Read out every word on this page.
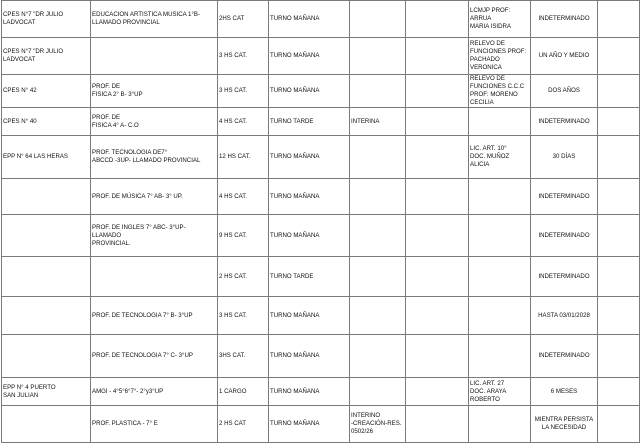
CPES N°7 "DR JULIO LADVOCAT	EDUCACION ARTISTICA MUSICA 1°B-
LLAMADO PROVINCIAL	2HS CAT	TURNO MAÑANA			LCMJP PROF: ARRUA
MARIA ISIDRA	INDETERMINADO	
CPES N°7 "DR JULIO LADVOCAT		3 HS CAT.	TURNO MAÑANA			RELEVO DE
FUNCIONES PROF:
PACHADO VERONICA	UN AÑO Y MEDIO	
CPES N° 42	PROF. DE
FISICA 2° B- 3°UP	3 HS CAT.	TURNO MAÑANA			RELEVO DE
FUNCIONES C.C.C
PROF: MORENO
CECILIA	DOS AÑOS	
CPES N° 40	PROF. DE
FISICA 4° A- C.O	4 HS CAT.	TURNO TARDE	INTERINA			INDETERMINADO	
EPP N° 64 LAS HERAS	PROF. TECNOLOGIA DE7°
ABCCD -3UP- LLAMADO PROVINCIAL	12 HS CAT.	TURNO MAÑANA			LIC. ART. 10°
DOC. MUÑOZ
ALICIA	30 DÍAS	
	PROF. DE MÚSICA 7° AB- 3° UP.	4 HS CAT.	TURNO MAÑANA				INDETERMINADO	
	PROF. DE INGLES 7° ABC- 3°UP- LLAMADO
PROVINCIAL.	9 HS CAT.	TURNO MAÑANA				INDETERMINADO	
		2 HS CAT.	TURNO TARDE				INDETERMINADO	
	PROF. DE TECNOLOGIA 7° B- 3°UP	3 HS CAT.	TURNO MAÑANA				HASTA 03/01/2028	
	PROF. DE TECNOLOGIA 7° C- 3°UP	3HS CAT.	TURNO MAÑANA				INDETERMINADO	
EPP N° 4 PUERTO
SAN JULIAN	AMGI - 4°5°6°7°- 2°y3°UP	1 CARGO	TURNO MAÑANA			LIC. ART. 27
DOC. ARAYA
ROBERTO	6 MESES	
	PROF. PLASTICA - 7° E	2 HS CAT	TURNO MAÑANA	INTERINO
-CREACIÓN-RES.
0502/26			MIENTRA PERSISTA LA NECESIDAD	
